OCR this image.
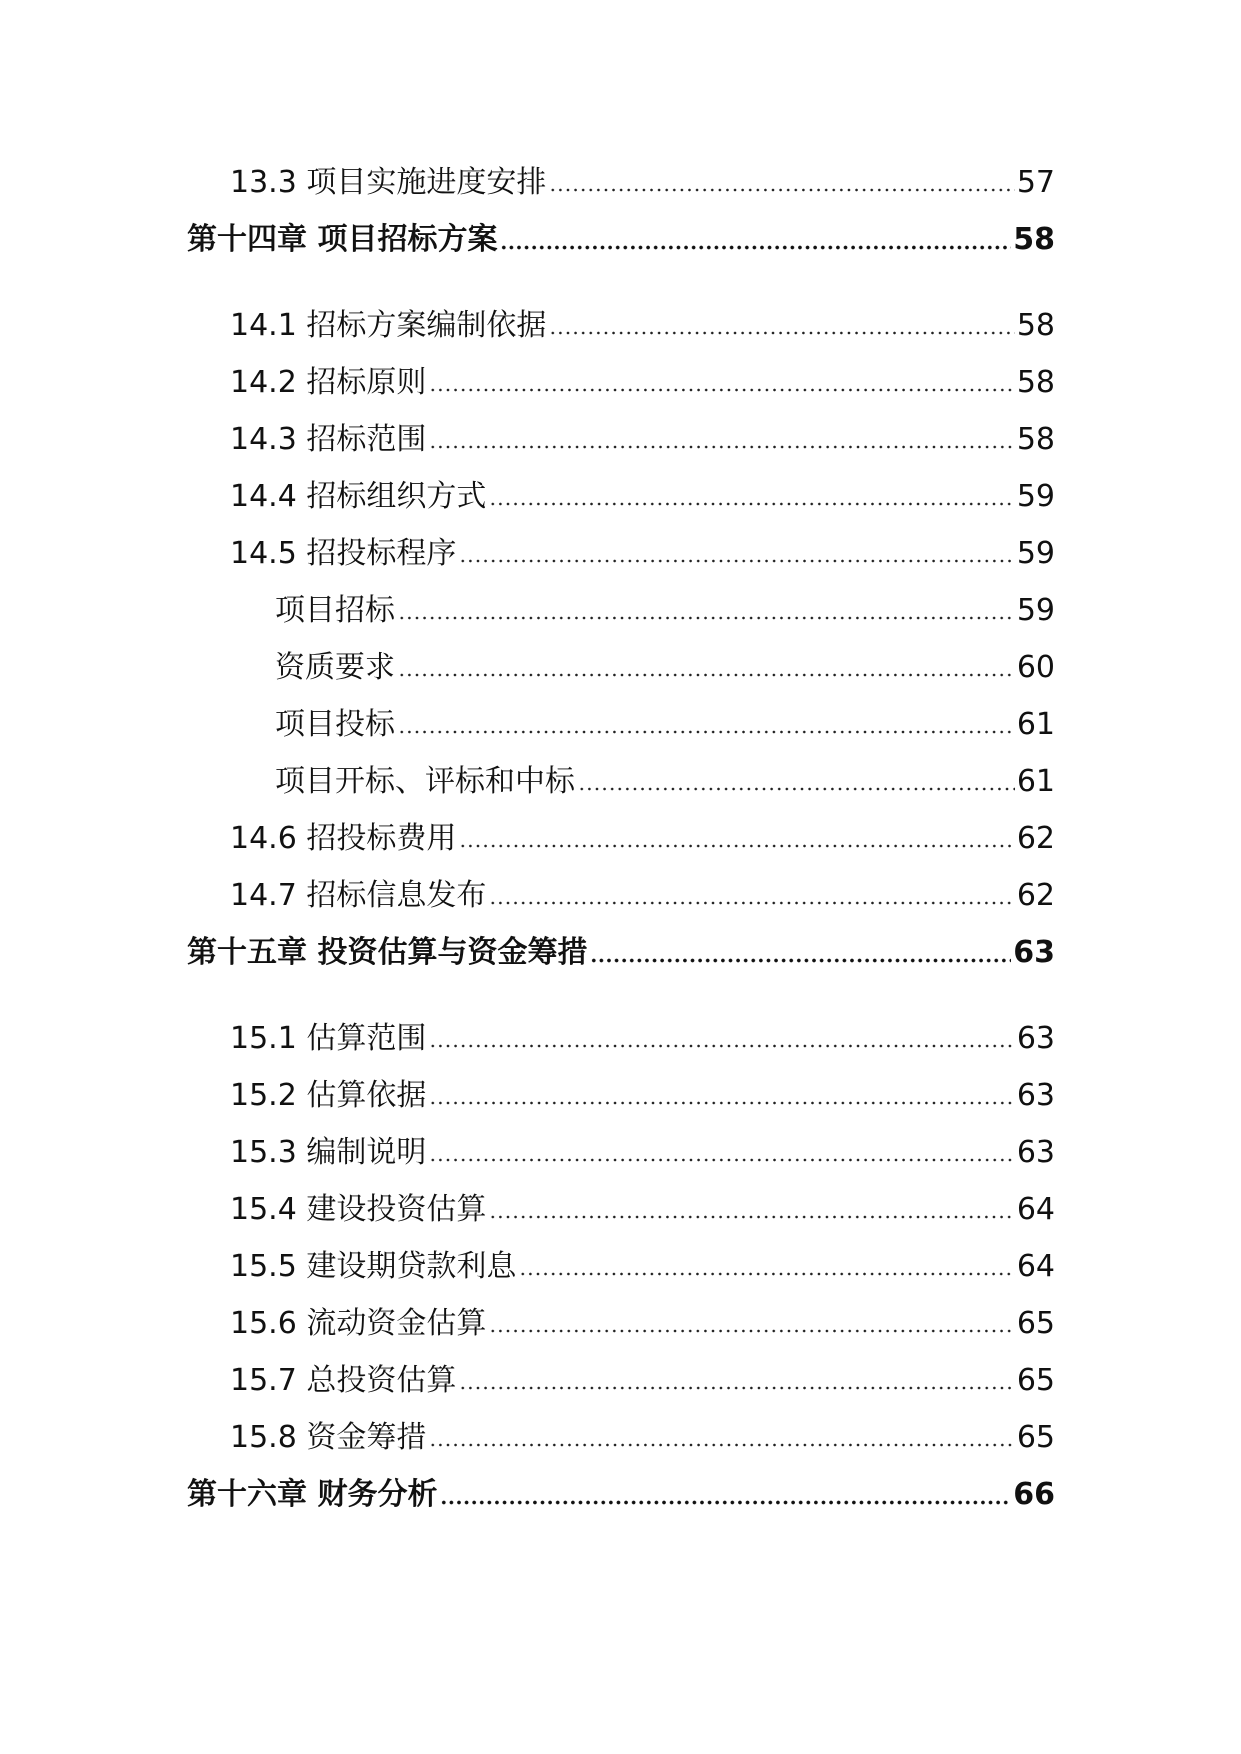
13.3 项目实施进度安排	57
第十四章 项目招标方案	58
14.1 招标方案编制依据	58
14.2 招标原则	58
14.3 招标范围	58
14.4 招标组织方式	59
14.5 招投标程序	59
项目招标	59
资质要求	60
项目投标	61
项目开标、评标和中标	61
14.6 招投标费用	62
14.7 招标信息发布	62
第十五章 投资估算与资金筹措	63
15.1 估算范围	63
15.2 估算依据	63
15.3 编制说明	63
15.4 建设投资估算	64
15.5 建设期贷款利息	64
15.6 流动资金估算	65
15.7 总投资估算	65
15.8 资金筹措	65
第十六章 财务分析	66
